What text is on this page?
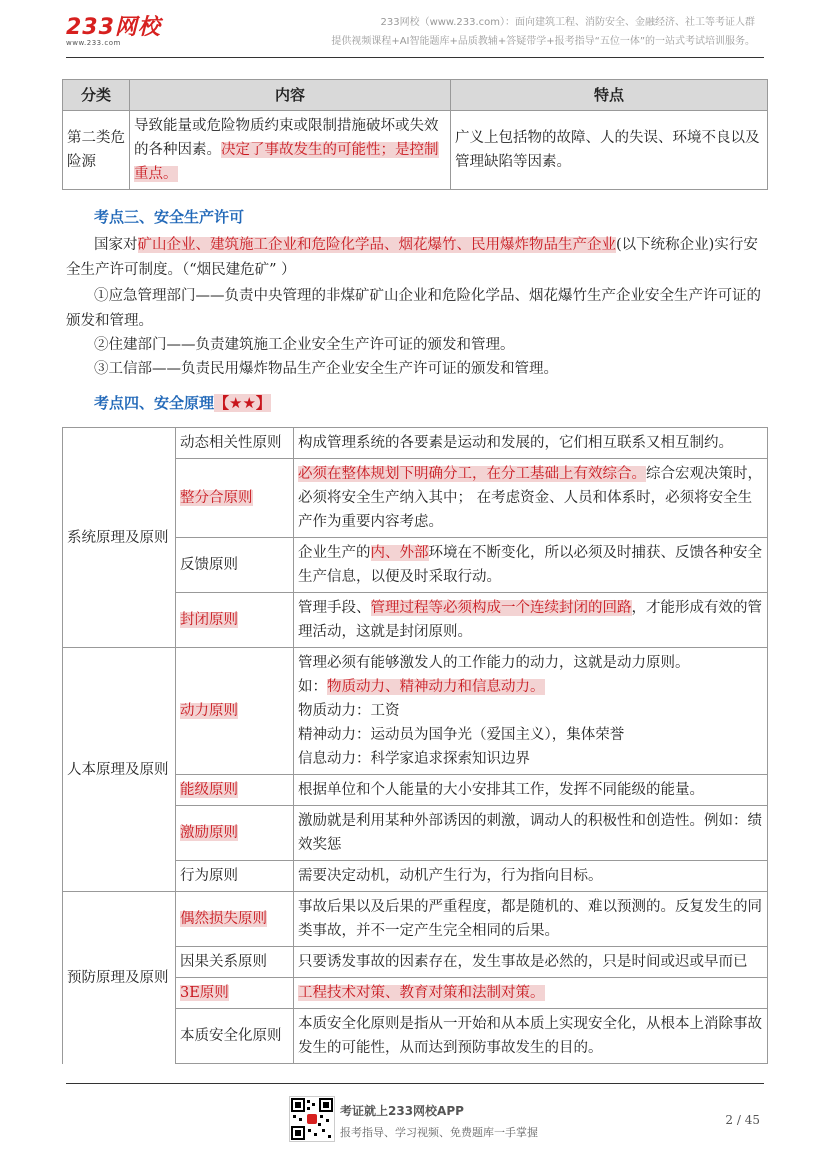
233网校
www.233.com
233网校（www.233.com）：面向建筑工程、消防安全、金融经济、社工等考证人群
提供视频课程+AI智能题库+品质教辅+答疑带学+报考指导“五位一体”的一站式考试培训服务。
分类	内容	特点
第二类危险源	导致能量或危险物质约束或限制措施破坏或失效的各种因素。决定了事故发生的可能性；是控制重点。	广义上包括物的故障、人的失误、环境不良以及管理缺陷等因素。
考点三、安全生产许可
国家对矿山企业、建筑施工企业和危险化学品、烟花爆竹、民用爆炸物品生产企业(以下统称企业)实行安全生产许可制度。（“烟民建危矿” ）
①应急管理部门——负责中央管理的非煤矿矿山企业和危险化学品、烟花爆竹生产企业安全生产许可证的颁发和管理。
②住建部门——负责建筑施工企业安全生产许可证的颁发和管理。
③工信部——负责民用爆炸物品生产企业安全生产许可证的颁发和管理。
考点四、安全原理【★★】
系统原理及原则	动态相关性原则	构成管理系统的各要素是运动和发展的，它们相互联系又相互制约。
	整分合原则	必须在整体规划下明确分工，在分工基础上有效综合。综合宏观决策时，必须将安全生产纳入其中； 在考虑资金、人员和体系时，必须将安全生产作为重要内容考虑。
	反馈原则	企业生产的内、外部环境在不断变化，所以必须及时捕获、反馈各种安全生产信息，以便及时采取行动。
	封闭原则	管理手段、管理过程等必须构成一个连续封闭的回路，才能形成有效的管理活动，这就是封闭原则。
人本原理及原则	动力原则	管理必须有能够激发人的工作能力的动力，这就是动力原则。
如：物质动力、精神动力和信息动力。
物质动力：工资
精神动力：运动员为国争光（爱国主义），集体荣誉
信息动力：科学家追求探索知识边界

	能级原则	根据单位和个人能量的大小安排其工作，发挥不同能级的能量。
	激励原则	激励就是利用某种外部诱因的刺激，调动人的积极性和创造性。例如：绩效奖惩
	行为原则	需要决定动机，动机产生行为，行为指向目标。
预防原理及原则	偶然损失原则	事故后果以及后果的严重程度，都是随机的、难以预测的。反复发生的同类事故，并不一定产生完全相同的后果。
	因果关系原则	只要诱发事故的因素存在，发生事故是必然的，只是时间或迟或早而已
	3E原则	工程技术对策、教育对策和法制对策。
	本质安全化原则	本质安全化原则是指从一开始和从本质上实现安全化，从根本上消除事故发生的可能性，从而达到预防事故发生的目的。
考证就上233网校APP
报考指导、学习视频、免费题库一手掌握
2 / 45
